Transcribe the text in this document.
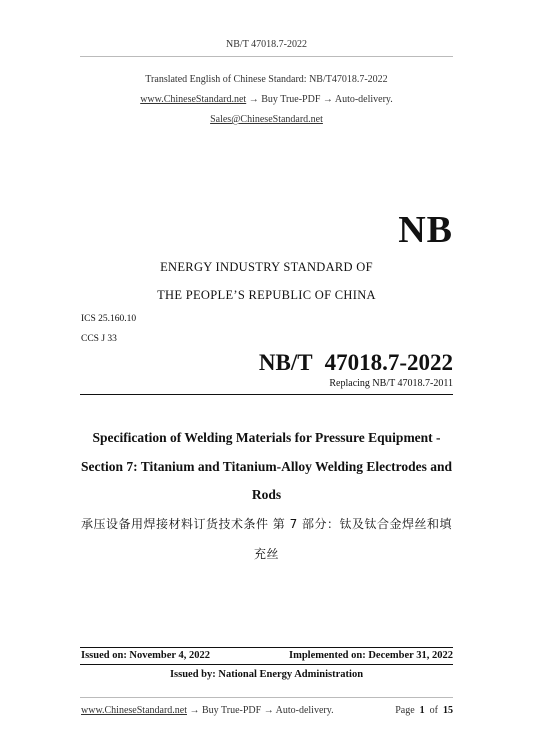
NB/T 47018.7-2022
Translated English of Chinese Standard: NB/T47018.7-2022
www.ChineseStandard.net → Buy True-PDF → Auto-delivery.
Sales@ChineseStandard.net
NB
ENERGY INDUSTRY STANDARD OF
THE PEOPLE’S REPUBLIC OF CHINA
ICS 25.160.10
CCS J 33
NB/T 47018.7-2022
Replacing NB/T 47018.7-2011
Specification of Welding Materials for Pressure Equipment -
Section 7: Titanium and Titanium-Alloy Welding Electrodes and
Rods
承压设备用焊接材料订货技术条件 第 7 部分：钛及钛合金焊丝和填
充丝
Issued on: November 4, 2022	Implemented on: December 31, 2022
Issued by: National Energy Administration
www.ChineseStandard.net → Buy True-PDF → Auto-delivery.	Page 1 of 15
